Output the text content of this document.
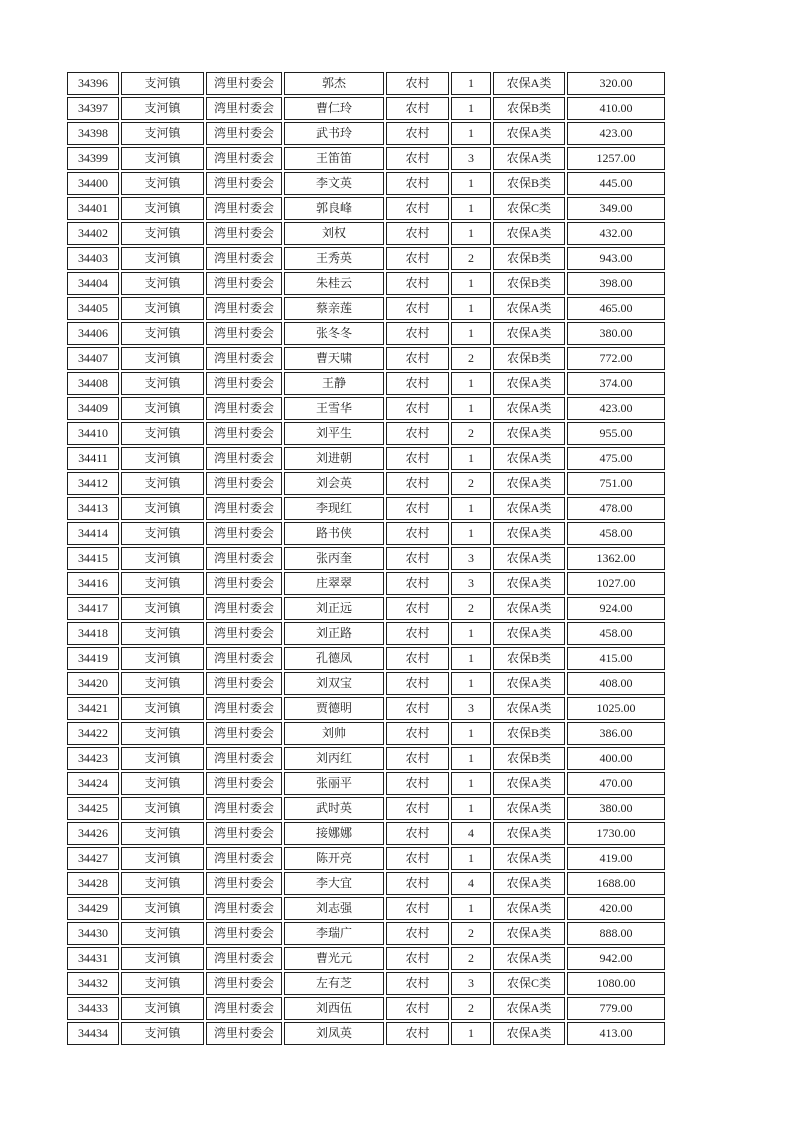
34396	支河镇	湾里村委会	郭杰	农村	1	农保A类	320.00
34397	支河镇	湾里村委会	曹仁玲	农村	1	农保B类	410.00
34398	支河镇	湾里村委会	武书玲	农村	1	农保A类	423.00
34399	支河镇	湾里村委会	王笛笛	农村	3	农保A类	1257.00
34400	支河镇	湾里村委会	李文英	农村	1	农保B类	445.00
34401	支河镇	湾里村委会	郭良峰	农村	1	农保C类	349.00
34402	支河镇	湾里村委会	刘权	农村	1	农保A类	432.00
34403	支河镇	湾里村委会	王秀英	农村	2	农保B类	943.00
34404	支河镇	湾里村委会	朱桂云	农村	1	农保B类	398.00
34405	支河镇	湾里村委会	蔡亲莲	农村	1	农保A类	465.00
34406	支河镇	湾里村委会	张冬冬	农村	1	农保A类	380.00
34407	支河镇	湾里村委会	曹天啸	农村	2	农保B类	772.00
34408	支河镇	湾里村委会	王静	农村	1	农保A类	374.00
34409	支河镇	湾里村委会	王雪华	农村	1	农保A类	423.00
34410	支河镇	湾里村委会	刘平生	农村	2	农保A类	955.00
34411	支河镇	湾里村委会	刘进朝	农村	1	农保A类	475.00
34412	支河镇	湾里村委会	刘会英	农村	2	农保A类	751.00
34413	支河镇	湾里村委会	李现红	农村	1	农保A类	478.00
34414	支河镇	湾里村委会	路书侠	农村	1	农保A类	458.00
34415	支河镇	湾里村委会	张丙奎	农村	3	农保A类	1362.00
34416	支河镇	湾里村委会	庄翠翠	农村	3	农保A类	1027.00
34417	支河镇	湾里村委会	刘正远	农村	2	农保A类	924.00
34418	支河镇	湾里村委会	刘正路	农村	1	农保A类	458.00
34419	支河镇	湾里村委会	孔德凤	农村	1	农保B类	415.00
34420	支河镇	湾里村委会	刘双宝	农村	1	农保A类	408.00
34421	支河镇	湾里村委会	贾德明	农村	3	农保A类	1025.00
34422	支河镇	湾里村委会	刘帅	农村	1	农保B类	386.00
34423	支河镇	湾里村委会	刘丙红	农村	1	农保B类	400.00
34424	支河镇	湾里村委会	张丽平	农村	1	农保A类	470.00
34425	支河镇	湾里村委会	武时英	农村	1	农保A类	380.00
34426	支河镇	湾里村委会	接娜娜	农村	4	农保A类	1730.00
34427	支河镇	湾里村委会	陈开亮	农村	1	农保A类	419.00
34428	支河镇	湾里村委会	李大宜	农村	4	农保A类	1688.00
34429	支河镇	湾里村委会	刘志强	农村	1	农保A类	420.00
34430	支河镇	湾里村委会	李瑞广	农村	2	农保A类	888.00
34431	支河镇	湾里村委会	曹光元	农村	2	农保A类	942.00
34432	支河镇	湾里村委会	左有芝	农村	3	农保C类	1080.00
34433	支河镇	湾里村委会	刘西伍	农村	2	农保A类	779.00
34434	支河镇	湾里村委会	刘凤英	农村	1	农保A类	413.00
